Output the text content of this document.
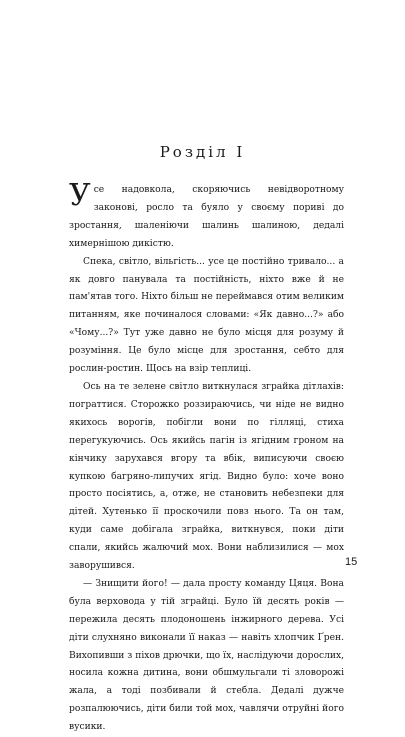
Розділ І

Усе надовкола, скоряючись невідворотному законові, росло та буяло у своєму пориві до зростання, шаленіючи шалинь шалиною, дедалі химернішою дикістю.

Спека, світло, вільгість... усе це постійно тривало... а як довго панувала та постійність, ніхто вже й не пам'ятав того. Ніхто більш не переймався отим великим питанням, яке починалося словами: «Як давно...?» або «Чому...?» Тут уже давно не було місця для розуму й розуміння. Це було місце для зростання, себто для рослин-ростин. Щось на взір теплиці.

Ось на те зелене світло виткнулася зграйка дітлахів: пограттися. Сторожко роззираючись, чи ніде не видно якихось ворогів, побігли вони по гілляці, стиха перегукуючись. Ось якийсь пагін із ягідним гроном на кінчику зарухався вгору та вбік, виписуючи своєю купкою багряно-липучих ягід. Видно було: хоче воно просто посіятись, а, отже, не становить небезпеки для дітей. Хутенько її проскочили повз нього. Та он там, куди саме добігала зграйка, виткнувся, поки діти спали, якийсь жалючий мох. Вони наблизилися — мох заворушився.

— Знищити його! — дала просту команду Цяця. Вона була верховода у тій зграйці. Було їй десять років — пережила десять плодоношень інжирного дерева. Усі діти слухняно виконали її наказ — навіть хлопчик Ґрен. Вихопивши з піхов дрючки, що їх, наслідуючи дорослих, носила кожна дитина, вони обшмульгали ті зловорожі жала, а тоді позбивали й стебла. Дедалі дужче розпалюючись, діти били той мох, чавлячи отруйні його вусики.

15
